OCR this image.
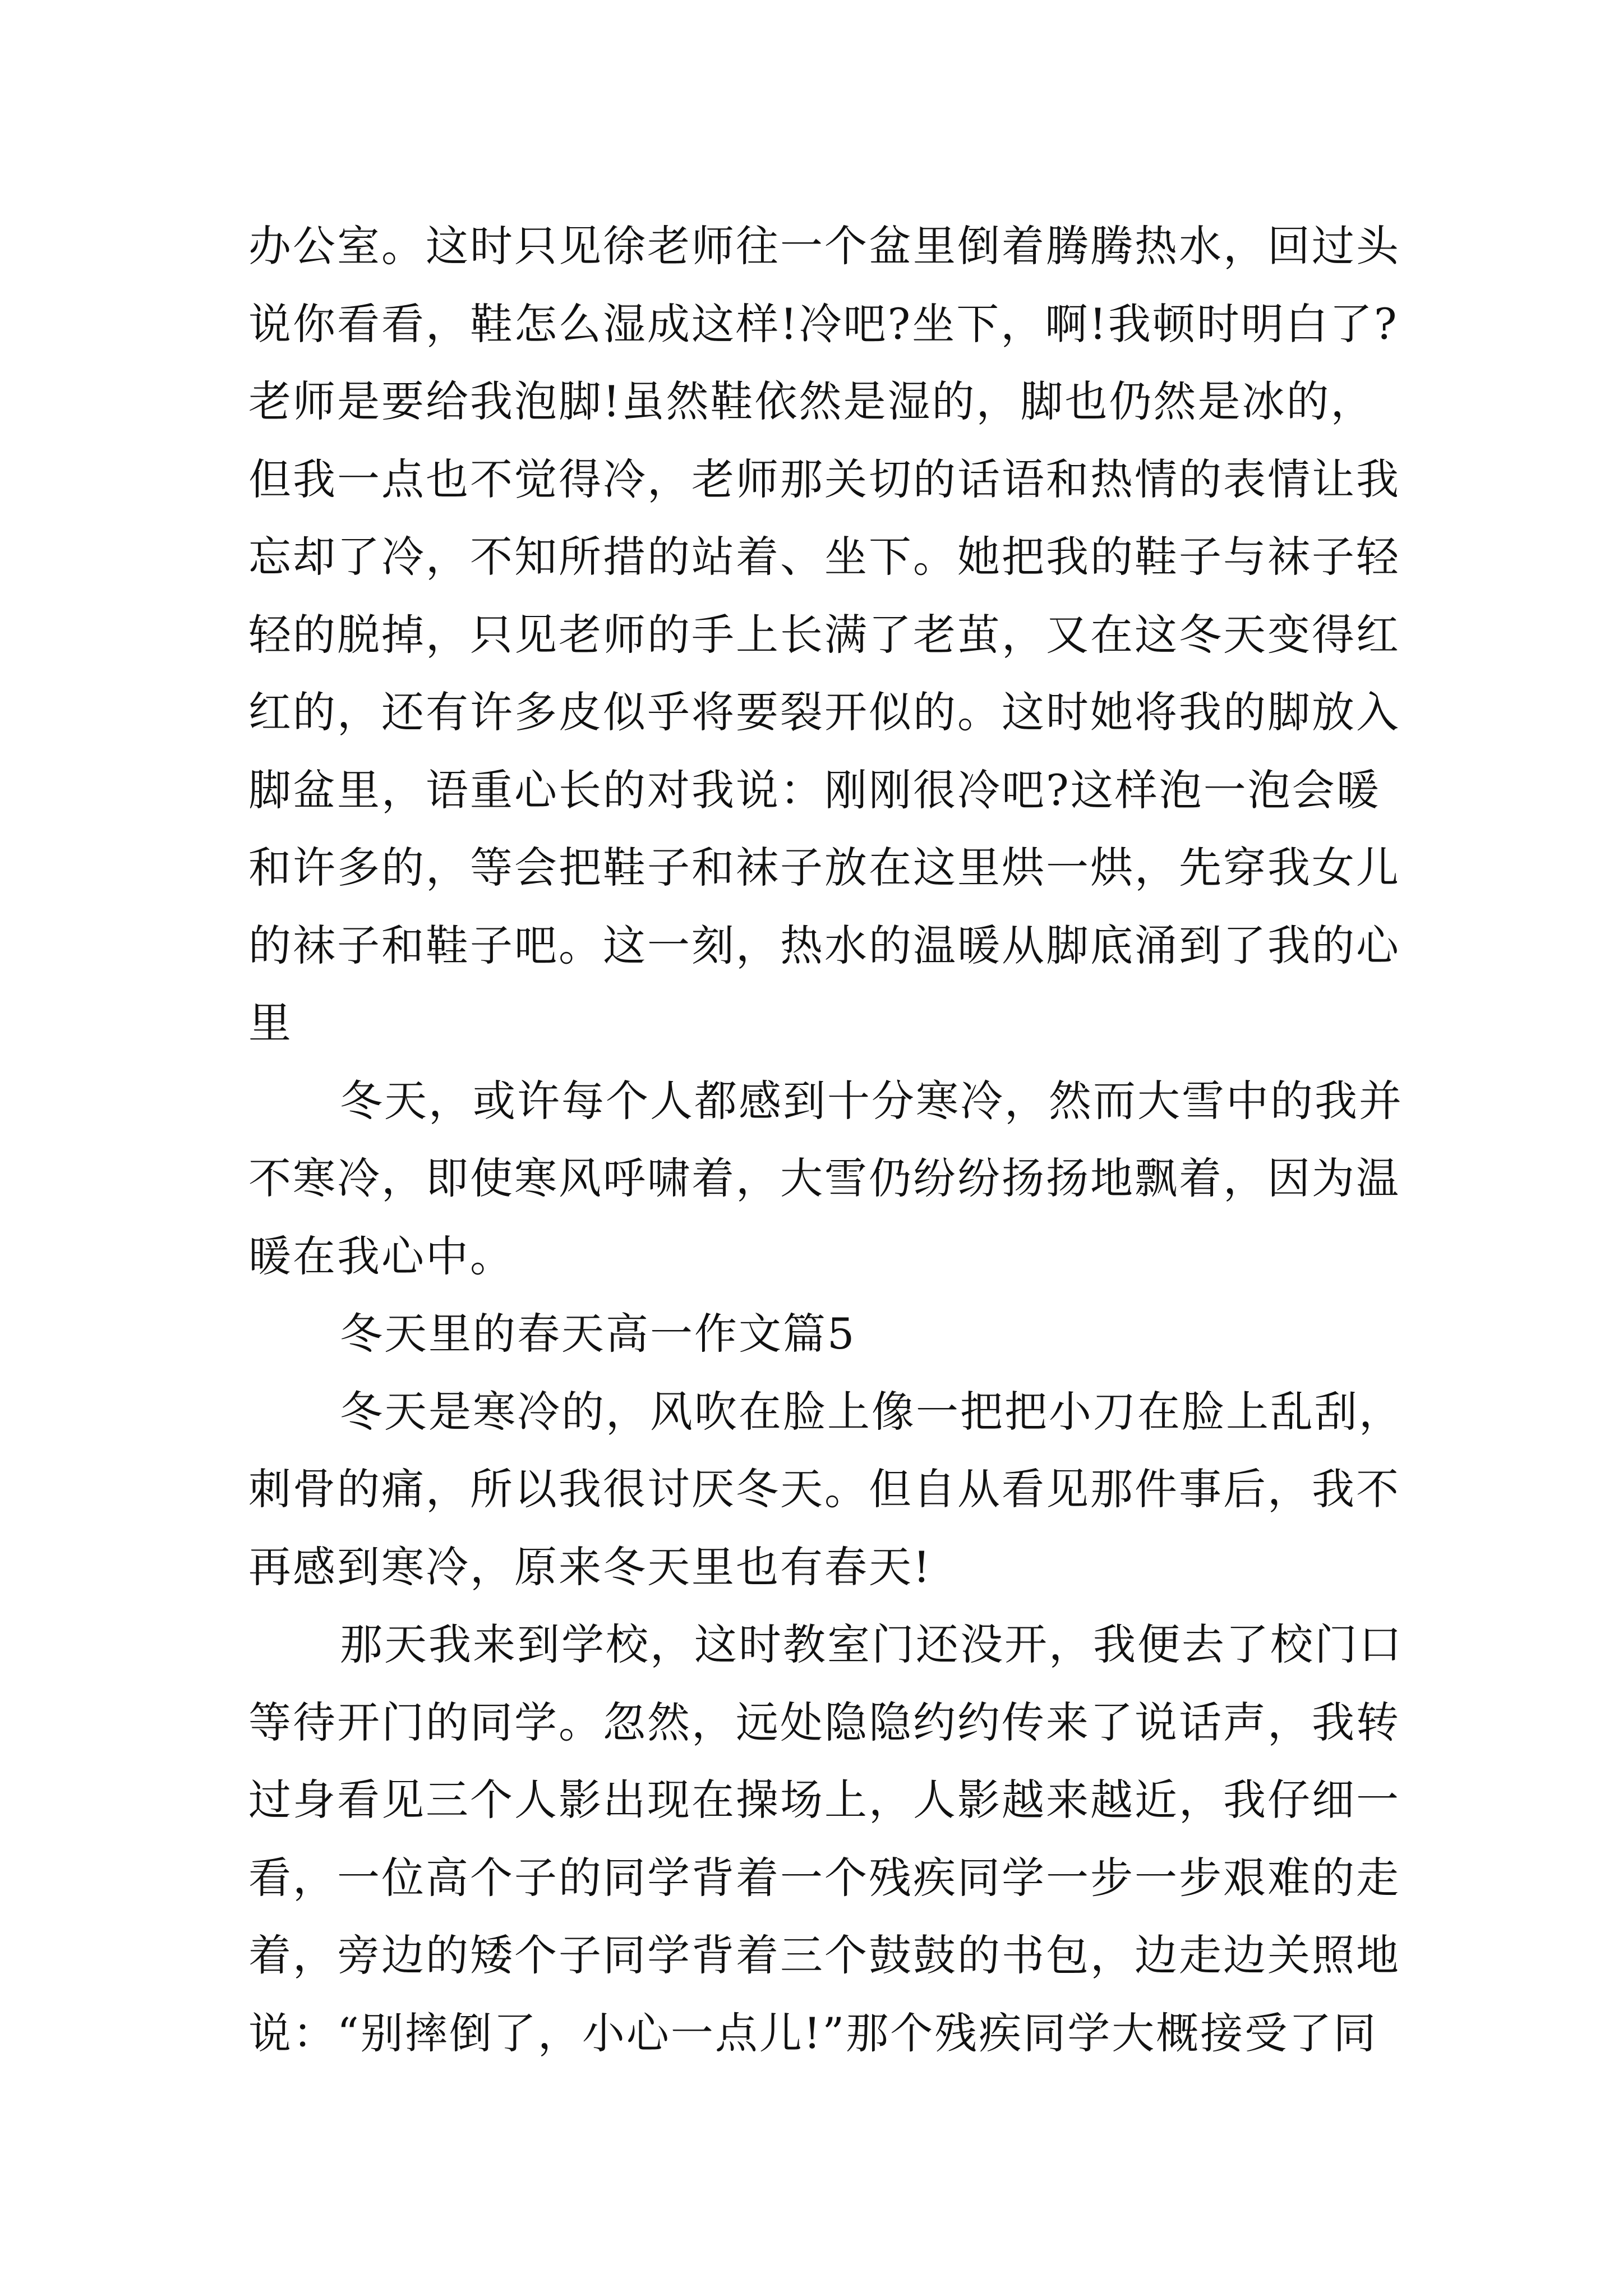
办公室。这时只见徐老师往一个盆里倒着腾腾热水，回过头
说你看看，鞋怎么湿成这样!冷吧?坐下，啊!我顿时明白了?
老师是要给我泡脚!虽然鞋依然是湿的，脚也仍然是冰的，
但我一点也不觉得冷，老师那关切的话语和热情的表情让我
忘却了冷，不知所措的站着、坐下。她把我的鞋子与袜子轻
轻的脱掉，只见老师的手上长满了老茧，又在这冬天变得红
红的，还有许多皮似乎将要裂开似的。这时她将我的脚放入
脚盆里，语重心长的对我说：刚刚很冷吧?这样泡一泡会暖
和许多的，等会把鞋子和袜子放在这里烘一烘，先穿我女儿
的袜子和鞋子吧。这一刻，热水的温暖从脚底涌到了我的心
里
冬天，或许每个人都感到十分寒冷，然而大雪中的我并
不寒冷，即使寒风呼啸着，大雪仍纷纷扬扬地飘着，因为温
暖在我心中。
冬天里的春天高一作文篇5
冬天是寒冷的，风吹在脸上像一把把小刀在脸上乱刮，
刺骨的痛，所以我很讨厌冬天。但自从看见那件事后，我不
再感到寒冷，原来冬天里也有春天!
那天我来到学校，这时教室门还没开，我便去了校门口
等待开门的同学。忽然，远处隐隐约约传来了说话声，我转
过身看见三个人影出现在操场上，人影越来越近，我仔细一
看，一位高个子的同学背着一个残疾同学一步一步艰难的走
着，旁边的矮个子同学背着三个鼓鼓的书包，边走边关照地
说：“别摔倒了，小心一点儿!”那个残疾同学大概接受了同
